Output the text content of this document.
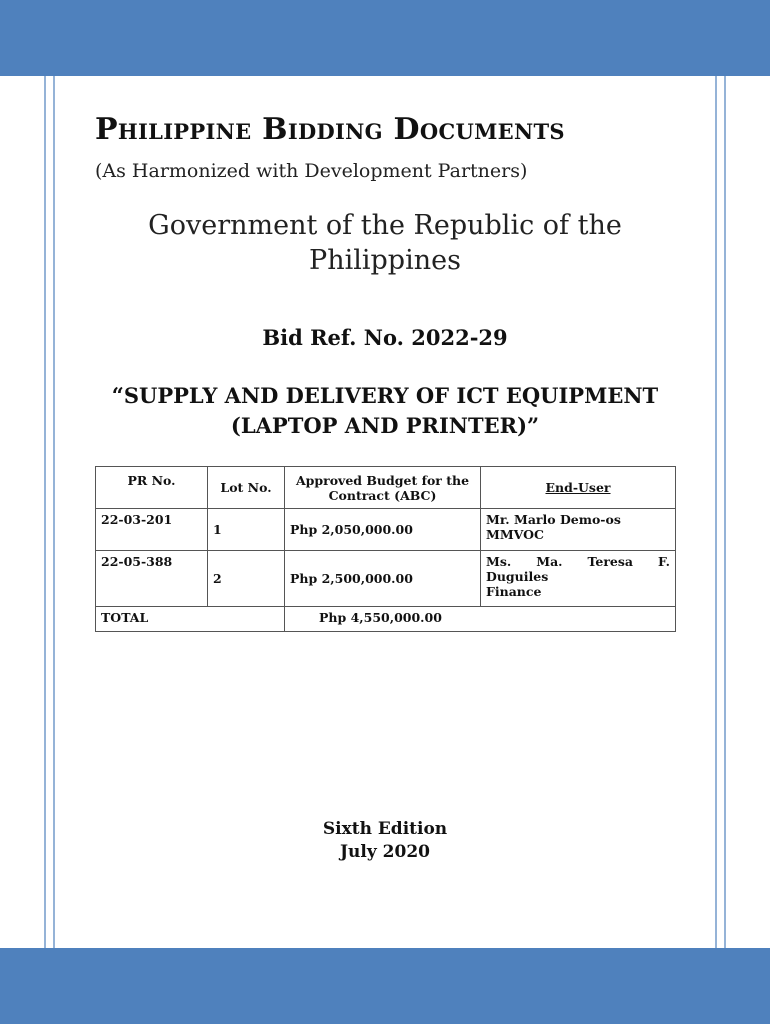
Philippine Bidding Documents
(As Harmonized with Development Partners)
Government of the Republic of the
Philippines
Bid Ref. No. 2022-29
“SUPPLY AND DELIVERY OF ICT EQUIPMENT
(LAPTOP AND PRINTER)”
PR No.	Lot No.	Approved Budget for the Contract (ABC)	End-User
22-03-201	1	Php 2,050,000.00	Mr. Marlo Demo-os
MMVOC

22-05-388	2	Php 2,500,000.00	Ms. Ma. Teresa F. Duguiles
Finance

TOTAL		Php 4,550,000.00	
Sixth Edition
July 2020
